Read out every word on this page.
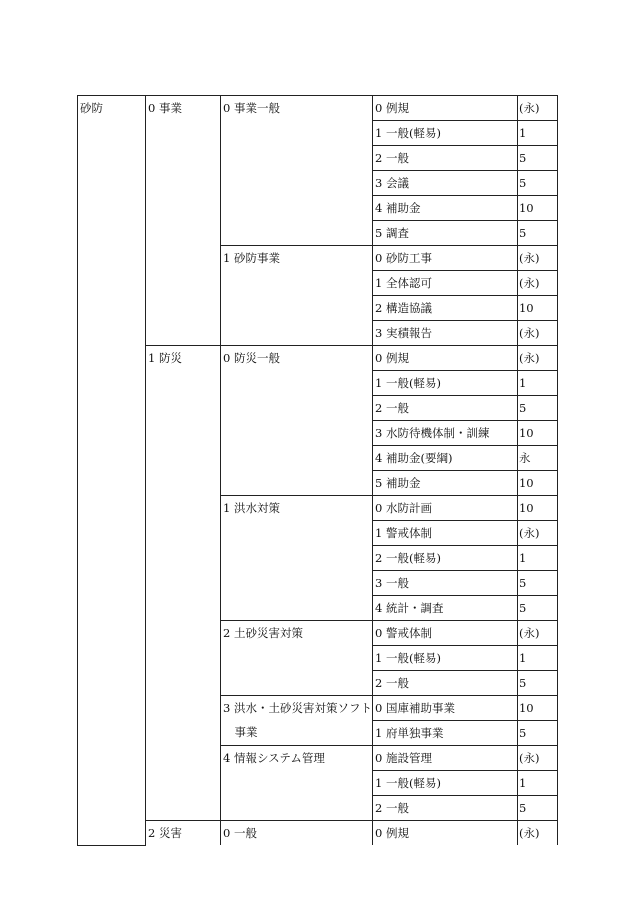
砂防	0 事業	0 事業一般	0 例規	(永)

			1 一般(軽易)	1

			2 一般	5

			3 会議	5

			4 補助金	10

			5 調査	5

		1 砂防事業	0 砂防工事	(永)

			1 全体認可	(永)

			2 構造協議	10

			3 実積報告	(永)

	1 防災	0 防災一般	0 例規	(永)

			1 一般(軽易)	1

			2 一般	5

			3 水防待機体制・訓練	10

			4 補助金(要綱)	永

			5 補助金	10

		1 洪水対策	0 水防計画	10

			1 警戒体制	(永)

			2 一般(軽易)	1

			3 一般	5

			4 統計・調査	5

		2 土砂災害対策	0 警戒体制	(永)

			1 一般(軽易)	1

			2 一般	5

		3 洪水・土砂災害対策ソフト
　事業	0 国庫補助事業	10

			1 府単独事業	5

		4 情報システム管理	0 施設管理	(永)

			1 一般(軽易)	1

			2 一般	5

	2 災害	0 一般	0 例規	(永)
